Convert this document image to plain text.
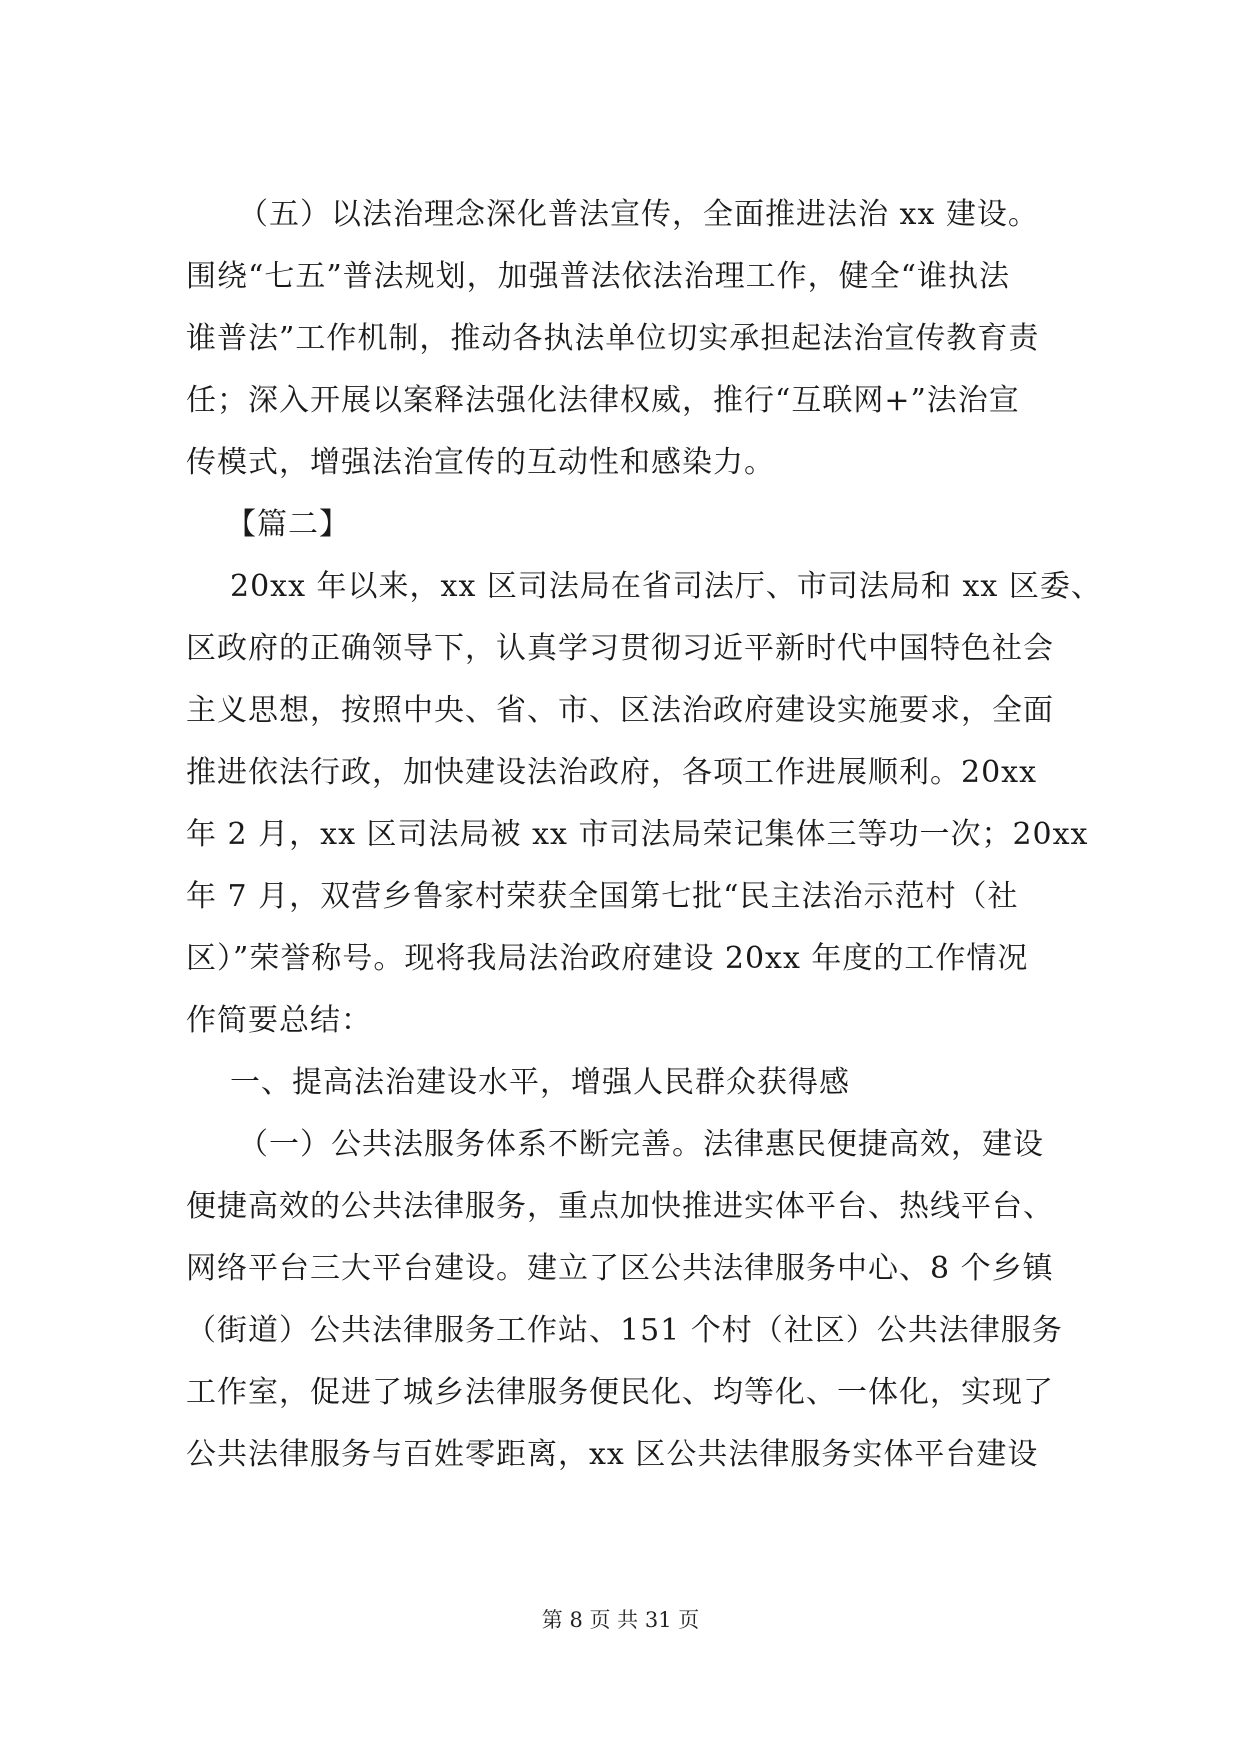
（五）以法治理念深化普法宣传，全面推进法治 xx 建设。
围绕“七五”普法规划，加强普法依法治理工作，健全“谁执法
谁普法”工作机制，推动各执法单位切实承担起法治宣传教育责
任；深入开展以案释法强化法律权威，推行“互联网+”法治宣
传模式，增强法治宣传的互动性和感染力。
【篇二】
20xx 年以来，xx 区司法局在省司法厅、市司法局和 xx 区委、
区政府的正确领导下，认真学习贯彻习近平新时代中国特色社会
主义思想，按照中央、省、市、区法治政府建设实施要求，全面
推进依法行政，加快建设法治政府，各项工作进展顺利。20xx
年 2 月，xx 区司法局被 xx 市司法局荣记集体三等功一次；20xx
年 7 月，双营乡鲁家村荣获全国第七批“民主法治示范村（社
区）”荣誉称号。现将我局法治政府建设 20xx 年度的工作情况
作简要总结：
一、提高法治建设水平，增强人民群众获得感
（一）公共法服务体系不断完善。法律惠民便捷高效，建设
便捷高效的公共法律服务，重点加快推进实体平台、热线平台、
网络平台三大平台建设。建立了区公共法律服务中心、8 个乡镇
（街道）公共法律服务工作站、151 个村（社区）公共法律服务
工作室，促进了城乡法律服务便民化、均等化、一体化，实现了
公共法律服务与百姓零距离，xx 区公共法律服务实体平台建设
第 8 页 共 31 页
